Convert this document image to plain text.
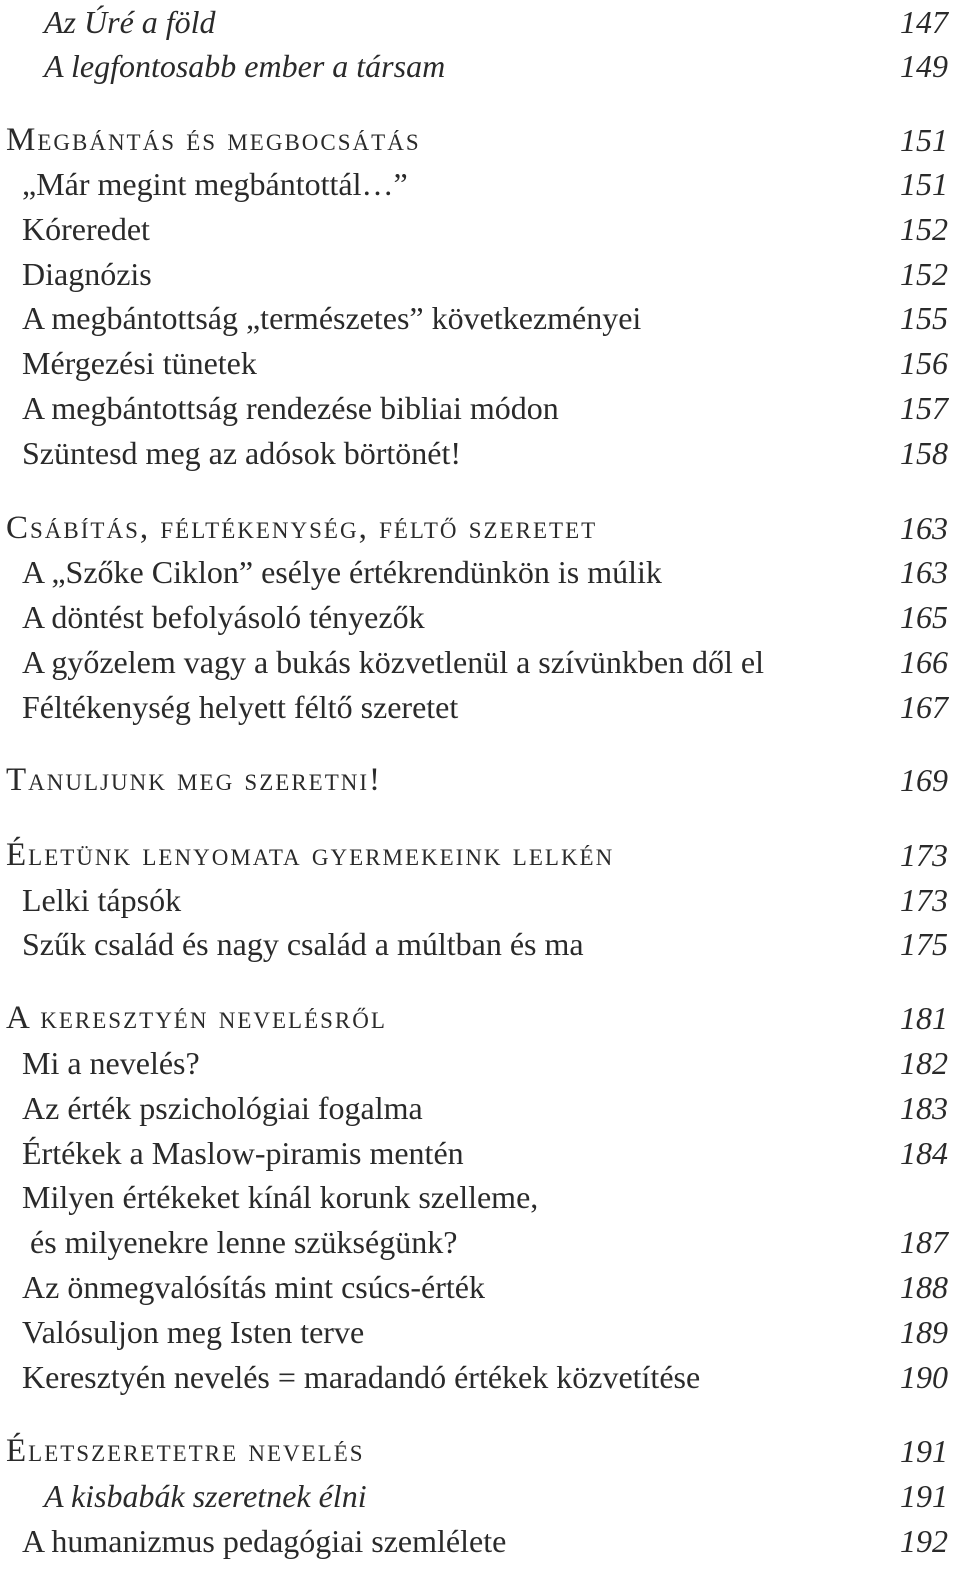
Az Úré a föld	147
A legfontosabb ember a társam	149
Megbántás és megbocsátás	151
„Már megint megbántottál…”	151
Kóreredet	152
Diagnózis	152
A megbántottság „természetes” következményei	155
Mérgezési tünetek	156
A megbántottság rendezése bibliai módon	157
Szüntesd meg az adósok börtönét!	158
Csábítás, féltékenység, féltő szeretet	163
A „Szőke Ciklon” esélye értékrendünkön is múlik	163
A döntést befolyásoló tényezők	165
A győzelem vagy a bukás közvetlenül a szívünkben dől el	166
Féltékenység helyett féltő szeretet	167
Tanuljunk meg szeretni!	169
Életünk lenyomata gyermekeink lelkén	173
Lelki tápsók	173
Szűk család és nagy család a múltban és ma	175
A keresztyén nevelésről	181
Mi a nevelés?	182
Az érték pszichológiai fogalma	183
Értékek a Maslow-piramis mentén	184
Milyen értékeket kínál korunk szelleme,
és milyenekre lenne szükségünk?	187
Az önmegvalósítás mint csúcs-érték	188
Valósuljon meg Isten terve	189
Keresztyén nevelés = maradandó értékek közvetítése	190
Életszeretetre nevelés	191
A kisbabák szeretnek élni	191
A humanizmus pedagógiai szemlélete	192
